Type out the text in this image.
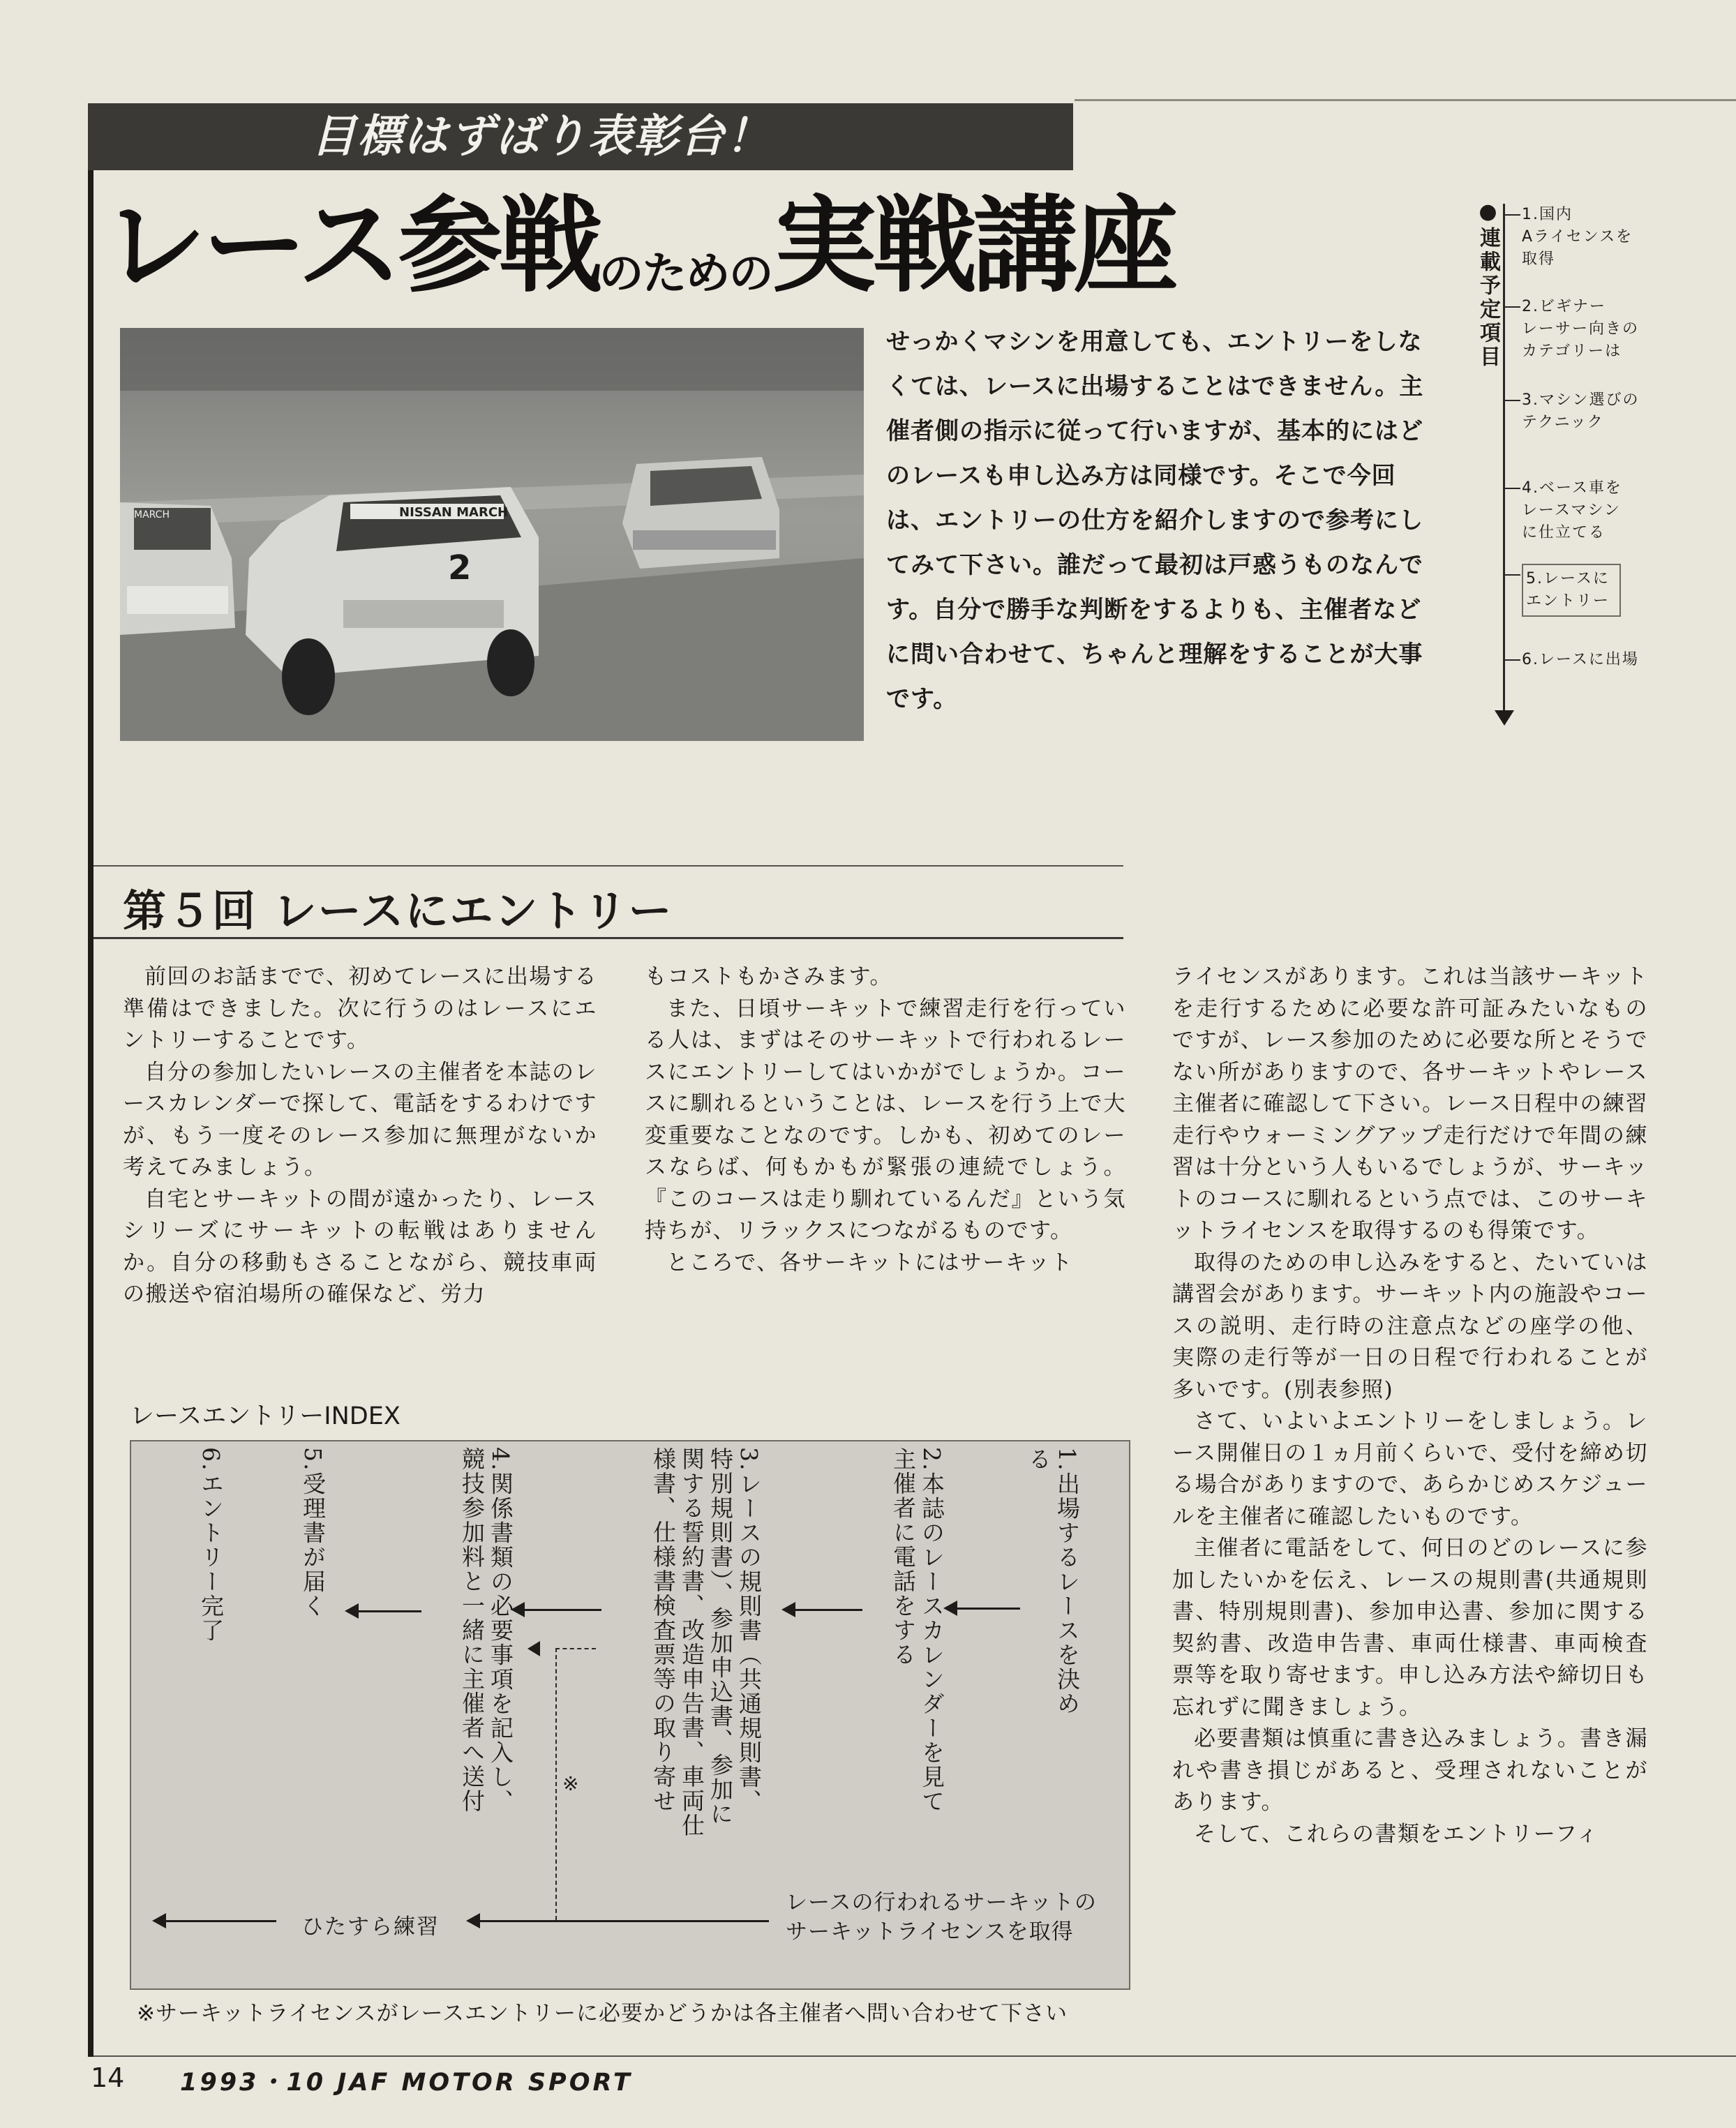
目標はずばり表彰台！
レース参戦 のための 実戦講座
MARCH	NISSAN MARCH
2
せっかくマシンを用意しても、エントリーをしなくては、レースに出場することはできません。主催者側の指示に従って行いますが、基本的にはどのレースも申し込み方は同様です。そこで今回は、エントリーの仕方を紹介しますので参考にしてみて下さい。誰だって最初は戸惑うものなんです。自分で勝手な判断をするよりも、主催者などに問い合わせて、ちゃんと理解をすることが大事です。
●連載予定項目 1.国内
Aライセンスを
取得
2.ビギナー
レーサー向きの
カテゴリーは
3.マシン選びの
テクニック
4.ベース車を
レースマシン
に仕立てる
5.レースに
エントリー
6.レースに出場
第５回 レースにエントリー

前回のお話までで、初めてレースに出場する準備はできました。次に行うのはレースにエントリーすることです。

自分の参加したいレースの主催者を本誌のレースカレンダーで探して、電話をするわけですが、もう一度そのレース参加に無理がないか考えてみましょう。

自宅とサーキットの間が遠かったり、レースシリーズにサーキットの転戦はありませんか。自分の移動もさることながら、競技車両の搬送や宿泊場所の確保など、労力

もコストもかさみます。

また、日頃サーキットで練習走行を行っている人は、まずはそのサーキットで行われるレースにエントリーしてはいかがでしょうか。コースに馴れるということは、レースを行う上で大変重要なことなのです。しかも、初めてのレースならば、何もかもが緊張の連続でしょう。『このコースは走り馴れているんだ』という気持ちが、リラックスにつながるものです。

ところで、各サーキットにはサーキット

ライセンスがあります。これは当該サーキットを走行するために必要な許可証みたいなものですが、レース参加のために必要な所とそうでない所がありますので、各サーキットやレース主催者に確認して下さい。レース日程中の練習走行やウォーミングアップ走行だけで年間の練習は十分という人もいるでしょうが、サーキットのコースに馴れるという点では、このサーキットライセンスを取得するのも得策です。

取得のための申し込みをすると、たいていは講習会があります。サーキット内の施設やコースの説明、走行時の注意点などの座学の他、実際の走行等が一日の日程で行われることが多いです。(別表参照)

さて、いよいよエントリーをしましょう。レース開催日の１ヵ月前くらいで、受付を締め切る場合がありますので、あらかじめスケジュールを主催者に確認したいものです。

主催者に電話をして、何日のどのレースに参加したいかを伝え、レースの規則書(共通規則書、特別規則書)、参加申込書、参加に関する契約書、改造申告書、車両仕様書、車両検査票等を取り寄せます。申し込み方法や締切日も忘れずに聞きましょう。

必要書類は慎重に書き込みましょう。書き漏れや書き損じがあると、受理されないことがあります。

そして、これらの書類をエントリーフィ

レースエントリーINDEX
1.出場するレースを決める
2.本誌のレースカレンダーを見て主催者に電話をする
3.レースの規則書（共通規則書、特別規則書）、参加申込書、参加に関する誓約書、改造申告書、車両仕様書、仕様書検査票等の取り寄せ
4.関係書類の必要事項を記入し、競技参加料と一緒に主催者へ送付
5.受理書が届く
6.エントリー完了
※
レースの行われるサーキットのサーキットライセンスを取得
ひたすら練習
※サーキットライセンスがレースエントリーに必要かどうかは各主催者へ問い合わせて下さい
14 1993・10 JAF MOTOR SPORT
